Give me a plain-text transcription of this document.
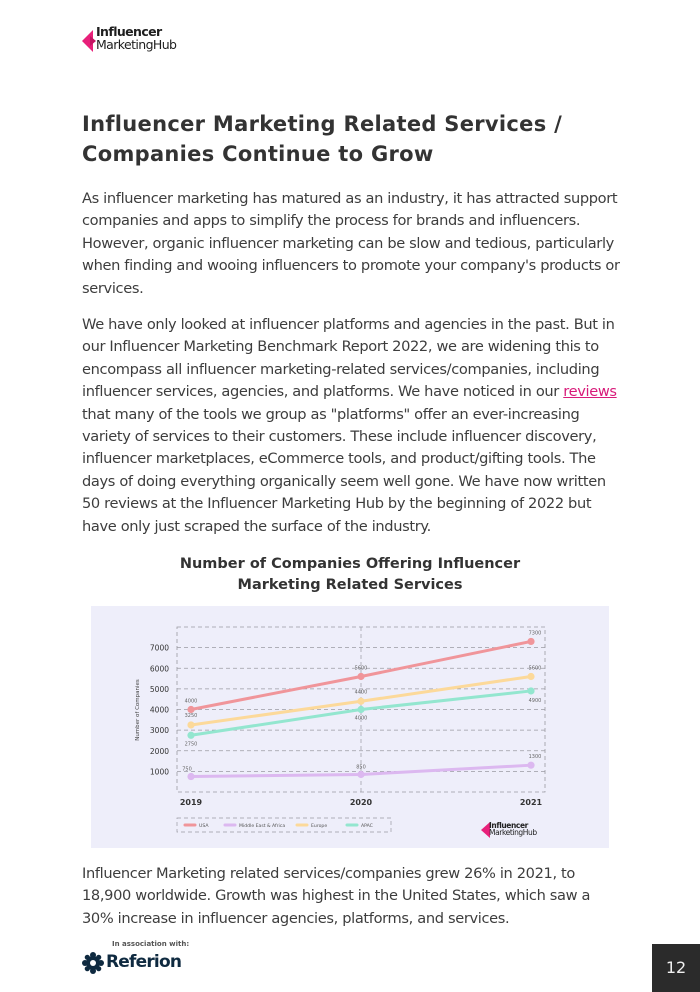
Influencer
MarketingHub
Influencer Marketing Related Services / Companies Continue to Grow
As influencer marketing has matured as an industry, it has attracted support companies and apps to simplify the process for brands and influencers. However, organic influencer marketing can be slow and tedious, particularly when finding and wooing influencers to promote your company's products or services.
We have only looked at influencer platforms and agencies in the past. But in our Influencer Marketing Benchmark Report 2022, we are widening this to encompass all influencer marketing-related services/companies, including influencer services, agencies, and platforms. We have noticed in our reviews that many of the tools we group as "platforms" offer an ever-increasing variety of services to their customers. These include influencer discovery, influencer marketplaces, eCommerce tools, and product/gifting tools. The days of doing everything organically seem well gone. We have now written 50 reviews at the Influencer Marketing Hub by the beginning of 2022 but have only just scraped the surface of the industry.
Number of Companies Offering Influencer Marketing Related Services
1000
2000
3000
4000
5000
6000
7000
Number of Companies
2019	2020	2021
4000
5600
7300
750	850
1300
3250
4400
5600
2750
4000
4900
USA	Middle East & Africa	Europe	APAC	Influencer
MarketingHub
Influencer Marketing related services/companies grew 26% in 2021, to 18,900 worldwide. Growth was highest in the United States, which saw a 30% increase in influencer agencies, platforms, and services.
In association with:
Referion	12
